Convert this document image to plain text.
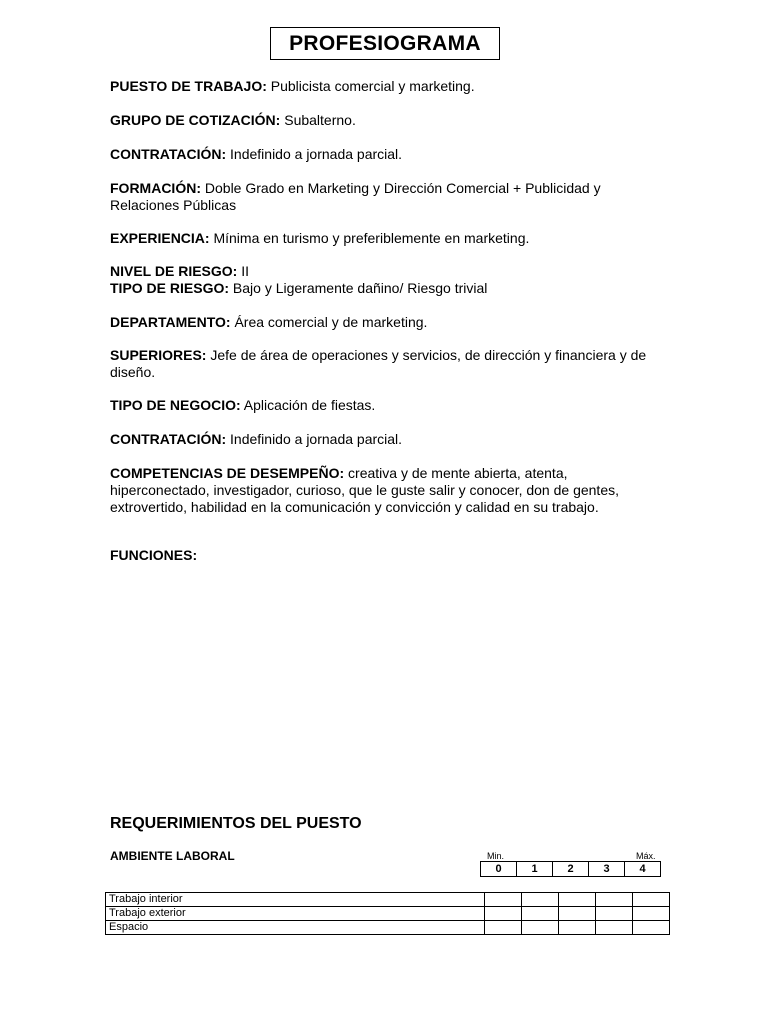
PROFESIOGRAMA
PUESTO DE TRABAJO: Publicista comercial y marketing.
GRUPO DE COTIZACIÓN: Subalterno.
CONTRATACIÓN: Indefinido a jornada parcial.
FORMACIÓN: Doble Grado en Marketing y Dirección Comercial + Publicidad y Relaciones Públicas
EXPERIENCIA: Mínima en turismo y preferiblemente en marketing.
NIVEL DE RIESGO: II
TIPO DE RIESGO: Bajo y Ligeramente dañino/ Riesgo trivial
DEPARTAMENTO: Área comercial y de marketing.
SUPERIORES: Jefe de área de operaciones y servicios, de dirección y financiera y de diseño.
TIPO DE NEGOCIO: Aplicación de fiestas.
CONTRATACIÓN: Indefinido a jornada parcial.
COMPETENCIAS DE DESEMPEÑO: creativa y de mente abierta, atenta, hiperconectado, investigador, curioso, que le guste salir y conocer, don de gentes, extrovertido, habilidad en la comunicación y convicción y calidad en su trabajo.
FUNCIONES:
REQUERIMIENTOS DEL PUESTO
AMBIENTE LABORAL	Min.	Máx.
0	1	2	3	4
Trabajo interior					
Trabajo exterior					
Espacio					
